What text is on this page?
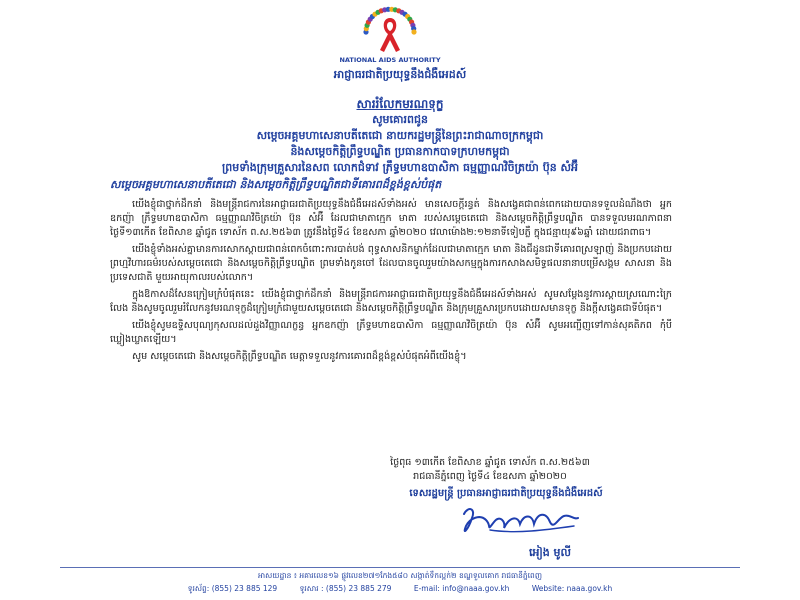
NATIONAL AIDS AUTHORITY
អាជ្ញាធរជាតិប្រយុទ្ធនឹងជំងឺអេដស៍
សាររំលែកមរណទុក្ខ
សូមគោរពជូន
សម្តេចអគ្គមហាសេនាបតីតេជោ នាយករដ្ឋមន្ត្រីនៃព្រះរាជាណាចក្រកម្ពុជា
និងសម្តេចកិត្តិព្រឹទ្ធបណ្ឌិត ប្រធានកាកបាទក្រហមកម្ពុជា
ព្រមទាំងក្រុមគ្រួសារនៃសព លោកជំទាវ ភ្រឹទ្ធមហាឧបាសិកា ធម្មញ្ញាណវិចិត្រយ៉ា ប៊ុន សំអ៊ឺ
សម្តេចអគ្គមហាសេនាបតីតេជោ និងសម្តេចកិត្តិព្រឹទ្ធបណ្ឌិតជាទីគោរពដ៏ខ្ពង់ខ្ពស់បំផុត

យើងខ្ញុំជាថ្នាក់ដឹកនាំ និងមន្ត្រីរាជការនៃអាជ្ញាធរជាតិប្រយុទ្ធនឹងជំងឺអេដស៍ទាំងអស់ មានសេចក្តីរន្ធត់ និងសង្វេគជាពន់ពេកដោយបានទទួលដំណឹងថា អ្នកឧកញ៉ា ភ្រឹទ្ធមហាឧបាសិកា ធម្មញ្ញាណវិចិត្រយ៉ា ប៊ុន សំអ៊ឺ ដែលជាមាតាក្មេក មាតា របស់សម្តេចតេជោ និងសម្តេចកិត្តិព្រឹទ្ធបណ្ឌិត បានទទួលមរណភាពនាថ្ងៃទី១៣កើត ខែពិសាខ ឆ្នាំជូត ទោស័ក ព.ស.២៥៦៣ ត្រូវនឹងថ្ងៃទី៤ ខែឧសភា ឆ្នាំ២០២០ វេលាម៉ោង២:១២នាទីទៀបភ្លឺ ក្នុងជន្មាយុ៩៦ឆ្នាំ ដោយជរាពាធ។

យើងខ្ញុំទាំងអស់គ្នាមានការសោកស្តាយជាពន់ពេកចំពោះការបាត់បង់ ពុទ្ធសាសនិកម្នាក់ដែលជាមាតាក្មេក មាតា និងជីដូនជាទីគោរពស្រឡាញ់ និងប្រកបដោយព្រហ្មវិហារធម៌របស់សម្តេចតេជោ និងសម្តេចកិត្តិព្រឹទ្ធបណ្ឌិត ព្រមទាំងកូនចៅ ដែលបានចូលរួមយ៉ាងសកម្មក្នុងការកសាងសមិទ្ធផលនានាបម្រើសង្គម សាសនា និងប្រទេសជាតិ មួយអាយុកាលរបស់លោក។

ក្នុងឱកាសដ៏សែនក្រៀមក្រំបំផុតនេះ យើងខ្ញុំជាថ្នាក់ដឹកនាំ និងមន្ត្រីរាជការអាជ្ញាធរជាតិប្រយុទ្ធនឹងជំងឺអេដស៍ទាំងអស់ សូមសម្តែងនូវការស្តាយស្រណោះក្រៃលែង និងសូមចូលរួមរំលែកនូវមរណទុក្ខដ៏ក្រៀមក្រំជាមួយសម្តេចតេជោ និងសម្តេចកិត្តិព្រឹទ្ធបណ្ឌិត និងក្រុមគ្រួសារប្រកបដោយសមានទុក្ខ និងក្តីសង្វេគជាទីបំផុត។

យើងខ្ញុំសូមឧទ្ទិសបុណ្យកុសលដល់ដួងវិញ្ញាណក្ខន្ធ អ្នកឧកញ៉ា ភ្រឹទ្ធមហាឧបាសិកា ធម្មញ្ញាណវិចិត្រយ៉ា ប៊ុន សំអ៊ឺ សូមអញ្ជើញទៅកាន់សុគតិភព កុំបីឃ្លៀងឃ្លាតឡើយ។

សូម សម្តេចតេជោ និងសម្តេចកិត្តិព្រឹទ្ធបណ្ឌិត មេត្តាទទួលនូវការគោរពដ៏ខ្ពង់ខ្ពស់បំផុតអំពីយើងខ្ញុំ។

ថ្ងៃពុធ ១៣កើត ខែពិសាខ ឆ្នាំជូត ទោស័ក ព.ស.២៥៦៣
រាជធានីភ្នំពេញ ថ្ងៃទី៤ ខែឧសភា ឆ្នាំ២០២០
ទេសរដ្ឋមន្ត្រី ប្រធានអាជ្ញាធរជាតិប្រយុទ្ធនឹងជំងឺអេដស៍
អៀង មូលី
អាសយដ្ឋាន ៖ អគារលេខ១៦ ផ្លូវលេខ២៧១កែង៥៨០ សង្កាត់ទឹកល្អក់២ ខណ្ឌទួលគោក រាជធានីភ្នំពេញ
ទូរស័ព្ទ: (855) 23 885 129	ទូរសារ : (855) 23 885 279	E-mail: info@naaa.gov.kh	Website: naaa.gov.kh
